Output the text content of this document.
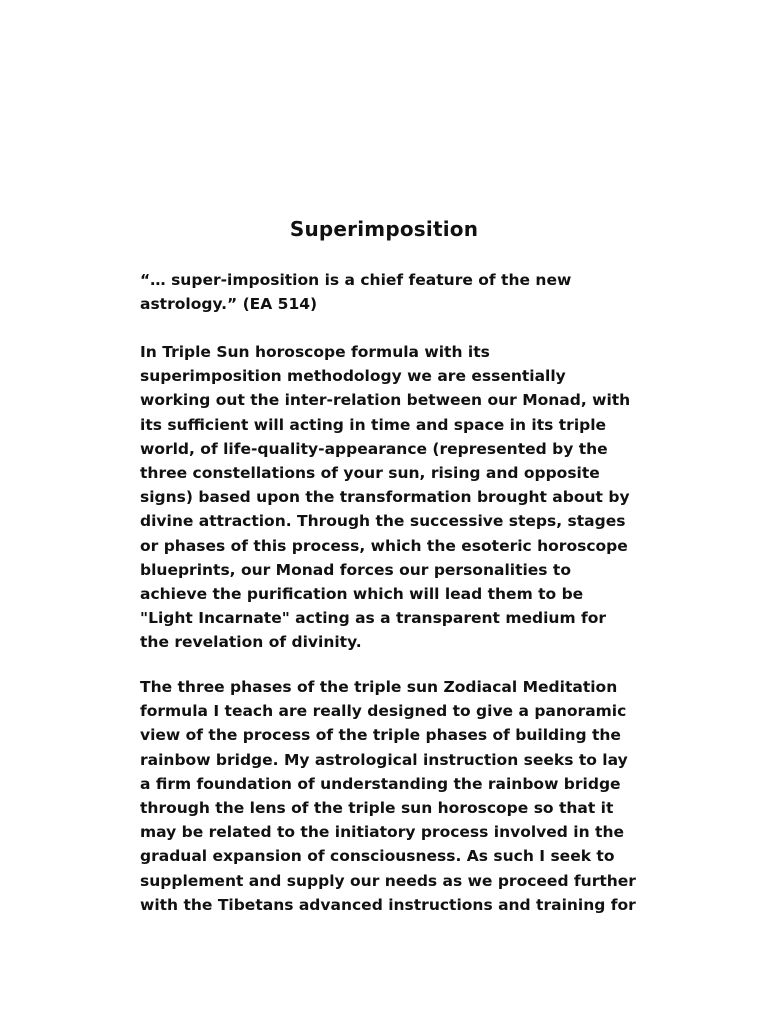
Superimposition
“… super-imposition is a chief feature of the new
astrology.” (EA 514)
In Triple Sun horoscope formula with its
superimposition methodology we are essentially
working out the inter-relation between our Monad, with
its sufficient will acting in time and space in its triple
world, of life-quality-appearance (represented by the
three constellations of your sun, rising and opposite
signs) based upon the transformation brought about by
divine attraction. Through the successive steps, stages
or phases of this process, which the esoteric horoscope
blueprints, our Monad forces our personalities to
achieve the purification which will lead them to be
"Light Incarnate" acting as a transparent medium for
the revelation of divinity.
The three phases of the triple sun Zodiacal Meditation
formula I teach are really designed to give a panoramic
view of the process of the triple phases of building the
rainbow bridge. My astrological instruction seeks to lay
a firm foundation of understanding the rainbow bridge
through the lens of the triple sun horoscope so that it
may be related to the initiatory process involved in the
gradual expansion of consciousness. As such I seek to
supplement and supply our needs as we proceed further
with the Tibetans advanced instructions and training for
